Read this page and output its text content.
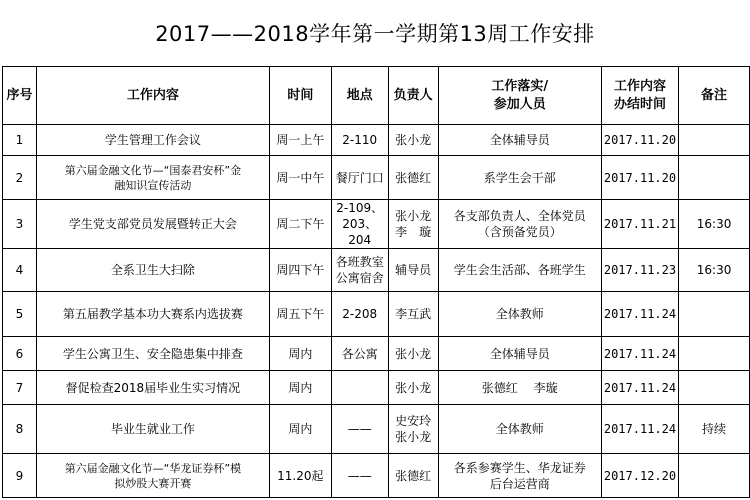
2017——2018学年第一学期第13周工作安排
序号	工作内容	时间	地点	负责人	工作落实/
参加人员	工作内容
办结时间	备注
1	学生管理工作会议	周一上午	2-110	张小龙	全体辅导员	2017.11.20	
2	第六届金融文化节—“国泰君安杯”金
融知识宣传活动	周一中午	餐厅门口	张德红	系学生会干部	2017.11.20	
3	学生党支部党员发展暨转正大会	周二下午	2-109、
203、204	张小龙
李　璇	各支部负责人、全体党员
（含预备党员）	2017.11.21	16:30
4	全系卫生大扫除	周四下午	各班教室
公寓宿舍	辅导员	学生会生活部、各班学生	2017.11.23	16:30
5	第五届教学基本功大赛系内选拔赛	周五下午	2-208	李互武	全体教师	2017.11.24	
6	学生公寓卫生、安全隐患集中排查	周内	各公寓	张小龙	全体辅导员	2017.11.24	
7	督促检查2018届毕业生实习情况	周内		张小龙	张德红　 李璇	2017.11.24	
8	毕业生就业工作	周内	——	史安玲
张小龙	全体教师	2017.11.24	持续
9	第六届金融文化节—“华龙证券杯”模
拟炒股大赛开赛	11.20起	——	张德红	各系参赛学生、华龙证券
后台运营商	2017.12.20	
